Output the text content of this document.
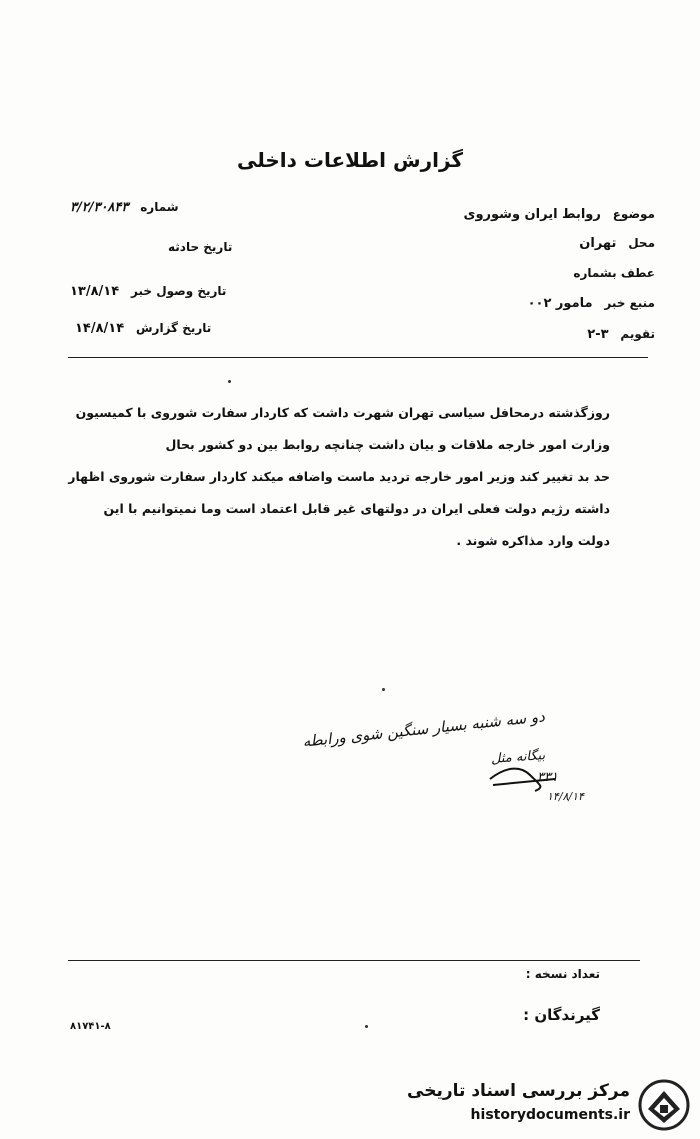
گزارش اطلاعات داخلی
شماره ۳/۲/۳۰۸۴۳
تاریخ حادثه
تاریخ وصول خبر ۱۳/۸/۱۴
تاریخ گزارش ۱۴/۸/۱۴
موضوع روابط ایران وشوروی
محل تهران
عطف بشماره
منبع خبر مامور ۰۰۲
تقویم ۳-۲
روزگذشته درمحافل سیاسی تهران شهرت داشت که کاردار سفارت شوروی با کمیسیون
وزارت امور خارجه ملاقات و بیان داشت چنانچه روابط بین دو کشور بحال
حد بد تغییر کند وزیر امور خارجه تردید ماست واضافه میکند کاردار سفارت شوروی اظهار
داشته رژیم دولت فعلی ایران در دولتهای غیر قابل اعتماد است وما نمیتوانیم با این
دولت وارد مذاکره شوند .
دو سه شنبه بسیار سنگین شوی ورابطه
بیگانه مثل
۳۳۱
۱۴/۸/۱۴
تعداد نسخه :
گیرندگان :
۸۱۷۴۱-۸
مرکز بررسی اسناد تاریخی
historydocuments.ir
